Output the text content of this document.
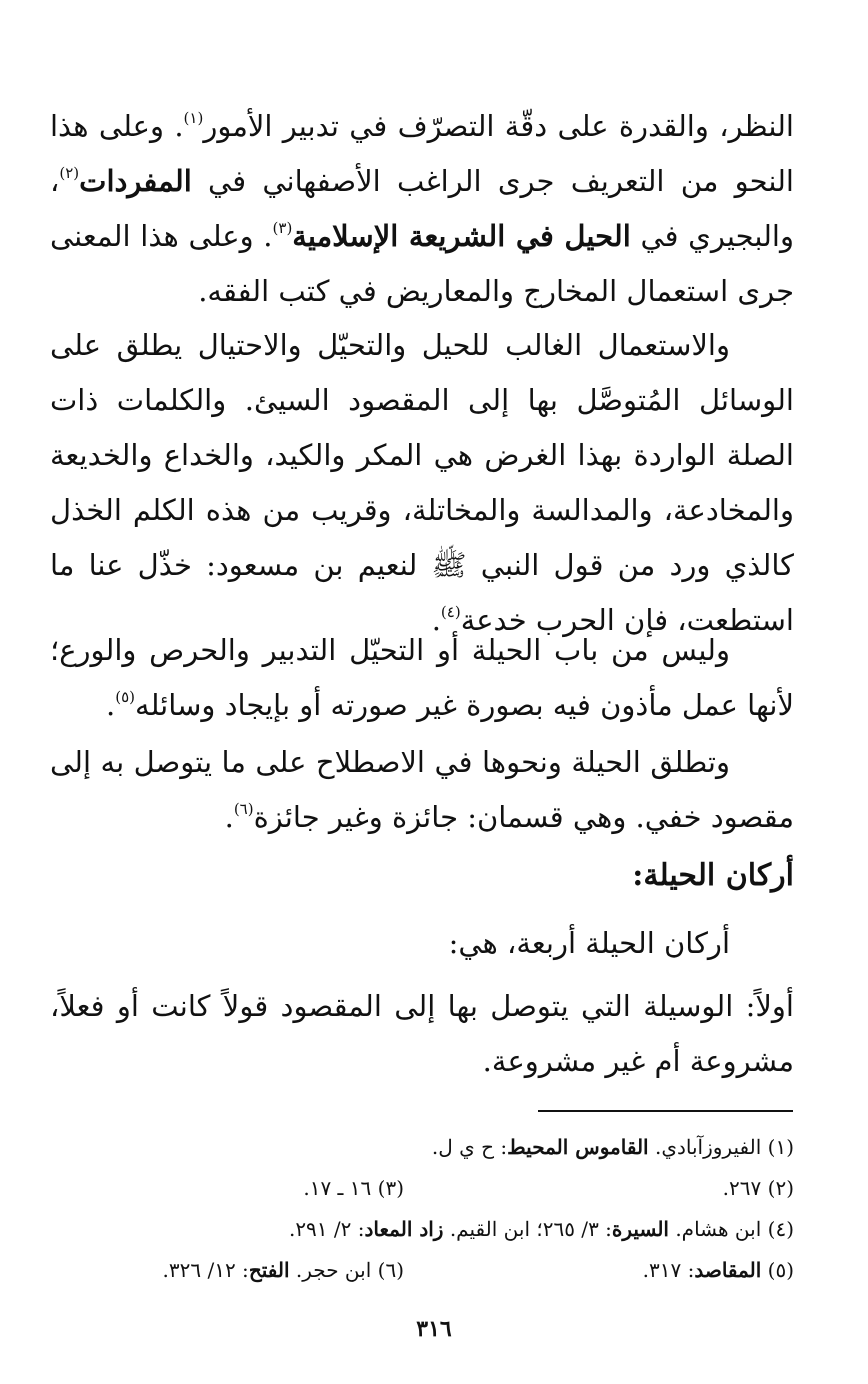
النظر، والقدرة على دقّة التصرّف في تدبير الأمور$^{(١)}$. وعلى هذا النحو من التعريف جرى الراغب الأصفهاني في المفردات$^{(٢)}$، والبجيري في الحيل في الشريعة الإسلامية$^{(٣)}$. وعلى هذا المعنى جرى استعمال المخارج والمعاريض في كتب الفقه.

والاستعمال الغالب للحيل والتحيّل والاحتيال يطلق على الوسائل المُتوصَّل بها إلى المقصود السيئ. والكلمات ذات الصلة الواردة بهذا الغرض هي المكر والكيد، والخداع والخديعة والمخادعة، والمدالسة والمخاتلة، وقريب من هذه الكلم الخذل كالذي ورد من قول النبي ﷺ لنعيم بن مسعود: خذّل عنا ما استطعت، فإن الحرب خدعة$^{(٤)}$.

وليس من باب الحيلة أو التحيّل التدبير والحرص والورع؛ لأنها عمل مأذون فيه بصورة غير صورته أو بإيجاد وسائله$^{(٥)}$.

وتطلق الحيلة ونحوها في الاصطلاح على ما يتوصل به إلى مقصود خفي. وهي قسمان: جائزة وغير جائزة$^{(٦)}$.

أركان الحيلة:

أركان الحيلة أربعة، هي:

أولاً: الوسيلة التي يتوصل بها إلى المقصود قولاً كانت أو فعلاً، مشروعة أم غير مشروعة.

(١) الفيروزآبادي. القاموس المحيط: ح ي ل.

(٢) ٢٦٧.(٣) ١٦ ـ ١٧.

(٤) ابن هشام. السيرة: ٣/ ٢٦٥؛ ابن القيم. زاد المعاد: ٢/ ٢٩١.

(٥) المقاصد: ٣١٧.(٦) ابن حجر. الفتح: ١٢/ ٣٢٦.

٣١٦
